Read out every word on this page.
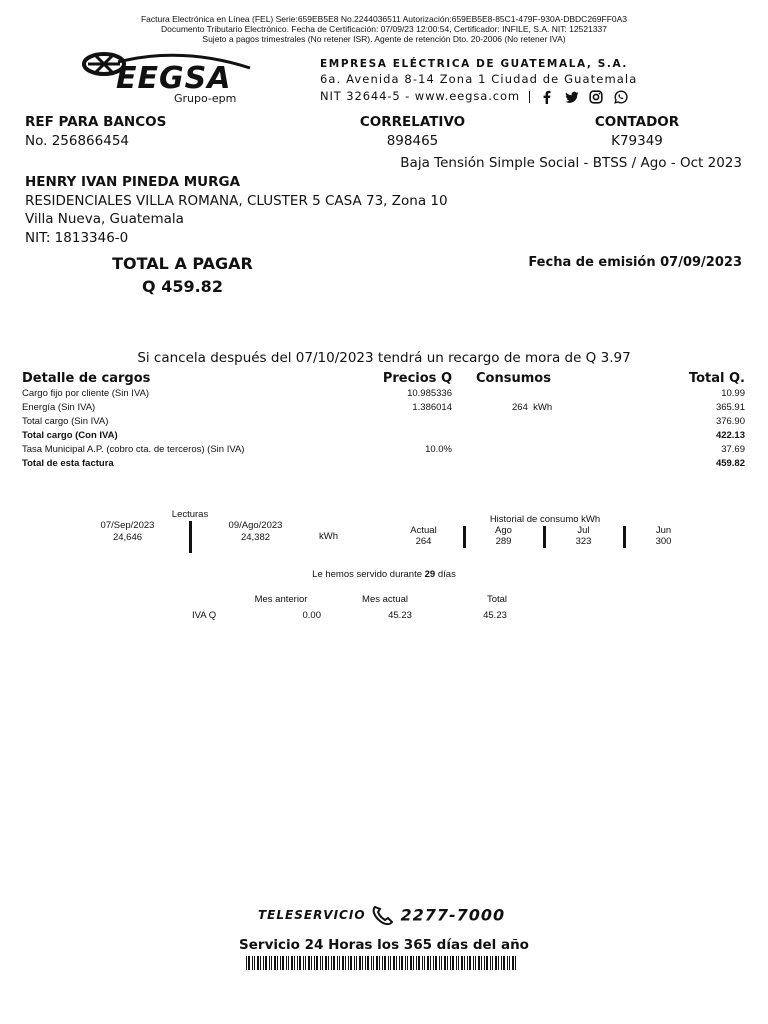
Factura Electrónica en Línea (FEL) Serie:659EB5E8 No.2244036511 Autorización:659EB5E8-85C1-479F-930A-DBDC269FF0A3
Documento Tributario Electrónico. Fecha de Certificación: 07/09/23 12:00:54, Certificador: INFILE, S.A. NIT: 12521337
Sujeto a pagos trimestrales (No retener ISR). Agente de retención Dto. 20-2006 (No retener IVA)
EEGSA
Grupo-epm
EMPRESA ELÉCTRICA DE GUATEMALA, S.A.
6a. Avenida 8-14 Zona 1 Ciudad de Guatemala
NIT 32644-5 - www.eegsa.com
REF PARA BANCOS
No. 256866454
CORRELATIVO
898465
CONTADOR
K79349
Baja Tensión Simple Social - BTSS / Ago - Oct 2023
HENRY IVAN PINEDA MURGA
RESIDENCIALES VILLA ROMANA, CLUSTER 5 CASA 73, Zona 10
Villa Nueva, Guatemala
NIT: 1813346-0
TOTAL A PAGAR
Q 459.82
Fecha de emisión 07/09/2023
Si cancela después del 07/10/2023 tendrá un recargo de mora de Q 3.97
Detalle de cargos	Precios Q Consumos	Total Q.
Cargo fijo por cliente (Sin IVA)	10.985336	10.99
Energía (Sin IVA)	1.386014	264  kWh	365.91
Total cargo (Sin IVA)	376.90
Total cargo (Con IVA)	422.13
Tasa Municipal A.P. (cobro cta. de terceros) (Sin IVA)	10.0%	37.69
Total de esta factura	459.82
Lecturas
07/Sep/2023
24,646
09/Ago/2023
24,382	kWh
Historial de consumo kWh
Actual
264
Ago
289
Jul
323
Jun
300
Le hemos servido durante 29 días
Mes anterior	Mes actual	Total
IVA Q	0.00	45.23	45.23
TELESERVICIO 2277-7000
Servicio 24 Horas los 365 días del año
